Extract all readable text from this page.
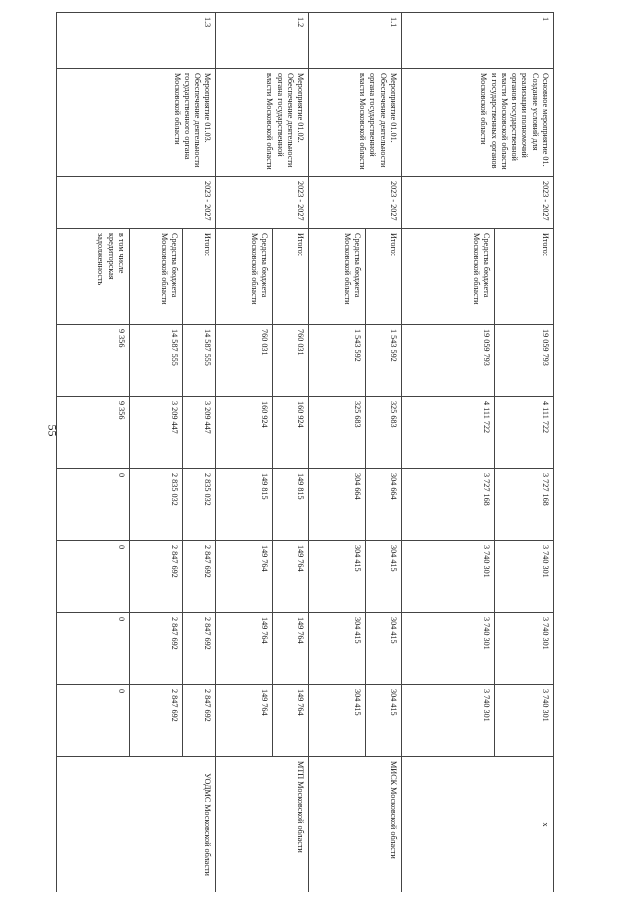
55
1	Основное мероприятие 01. Создание условий для реализации полномочий органов государственной власти Московской области и государственных органов Московской области	2023 - 2027	Итого:	19 059 793	4 111 722	3 727 168	3 740 301	3 740 301	3 740 301	x
			Средства бюджета Московской области	19 059 793	4 111 722	3 727 168	3 740 301	3 740 301	3 740 301	
1.1	Мероприятие 01.01. Обеспечение деятельности органа государственной власти Московской области	2023 - 2027	Итого:	1 543 592	325 683	304 664	304 415	304 415	304 415	МИСК Московской области
			Средства бюджета Московской области	1 543 592	325 683	304 664	304 415	304 415	304 415	
1.2	Мероприятие 01.02. Обеспечение деятельности органа государственной власти Московской области	2023 - 2027	Итого:	760 031	160 924	149 815	149 764	149 764	149 764	МТП Московской области
			Средства бюджета Московской области	760 031	160 924	149 815	149 764	149 764	149 764	
1.3	Мероприятие 01.03. Обеспечение деятельности государственного органа Московской области	2023 - 2027	Итого:	14 587 555	3 209 447	2 835 032	2 847 692	2 847 692	2 847 692	УОДМС Московской области
			Средства бюджета Московской области	14 587 555	3 209 447	2 835 032	2 847 692	2 847 692	2 847 692	
			в том числе кредиторская задолженность	9 356	9 356	0	0	0	0	
